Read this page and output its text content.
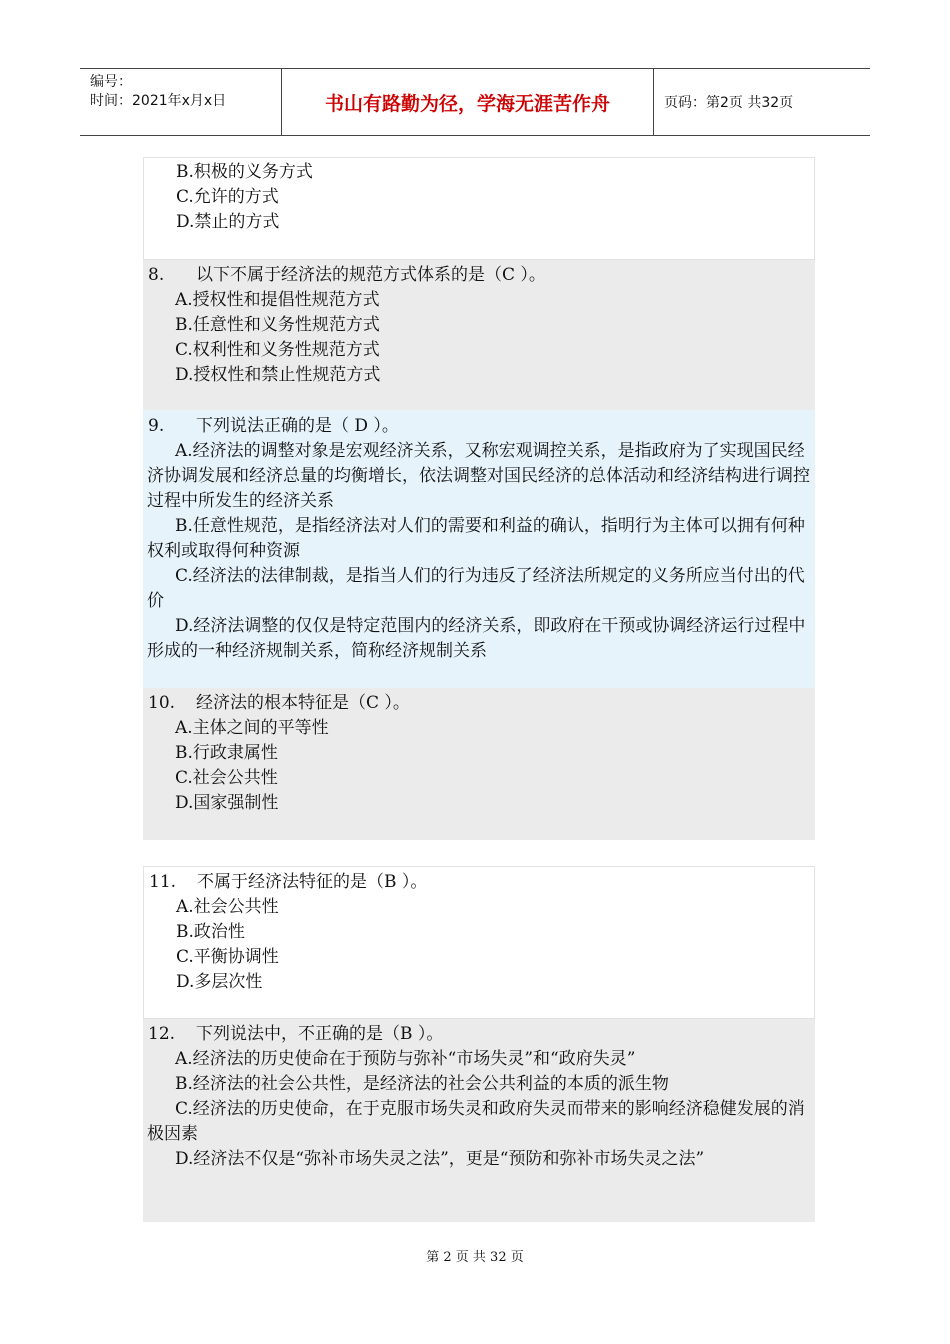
编号：
时间：2021年x月x日	书山有路勤为径，学海无涯苦作舟	页码：第2页 共32页
B.积极的义务方式
C.允许的方式
D.禁止的方式
8. 以下不属于经济法的规范方式体系的是（C ）。
A.授权性和提倡性规范方式
B.任意性和义务性规范方式
C.权利性和义务性规范方式
D.授权性和禁止性规范方式
9. 下列说法正确的是（ D ）。
A.经济法的调整对象是宏观经济关系，又称宏观调控关系，是指政府为了实现国民经济协调发展和经济总量的均衡增长，依法调整对国民经济的总体活动和经济结构进行调控过程中所发生的经济关系
B.任意性规范，是指经济法对人们的需要和利益的确认，指明行为主体可以拥有何种权利或取得何种资源
C.经济法的法律制裁，是指当人们的行为违反了经济法所规定的义务所应当付出的代价
D.经济法调整的仅仅是特定范围内的经济关系，即政府在干预或协调经济运行过程中形成的一种经济规制关系，简称经济规制关系
10. 经济法的根本特征是（C ）。
A.主体之间的平等性
B.行政隶属性
C.社会公共性
D.国家强制性
11. 不属于经济法特征的是（B ）。
A.社会公共性
B.政治性
C.平衡协调性
D.多层次性
12. 下列说法中，不正确的是（B ）。
A.经济法的历史使命在于预防与弥补“市场失灵”和“政府失灵”
B.经济法的社会公共性，是经济法的社会公共利益的本质的派生物
C.经济法的历史使命，在于克服市场失灵和政府失灵而带来的影响经济稳健发展的消极因素
D.经济法不仅是“弥补市场失灵之法”，更是“预防和弥补市场失灵之法”
第 2 页 共 32 页
